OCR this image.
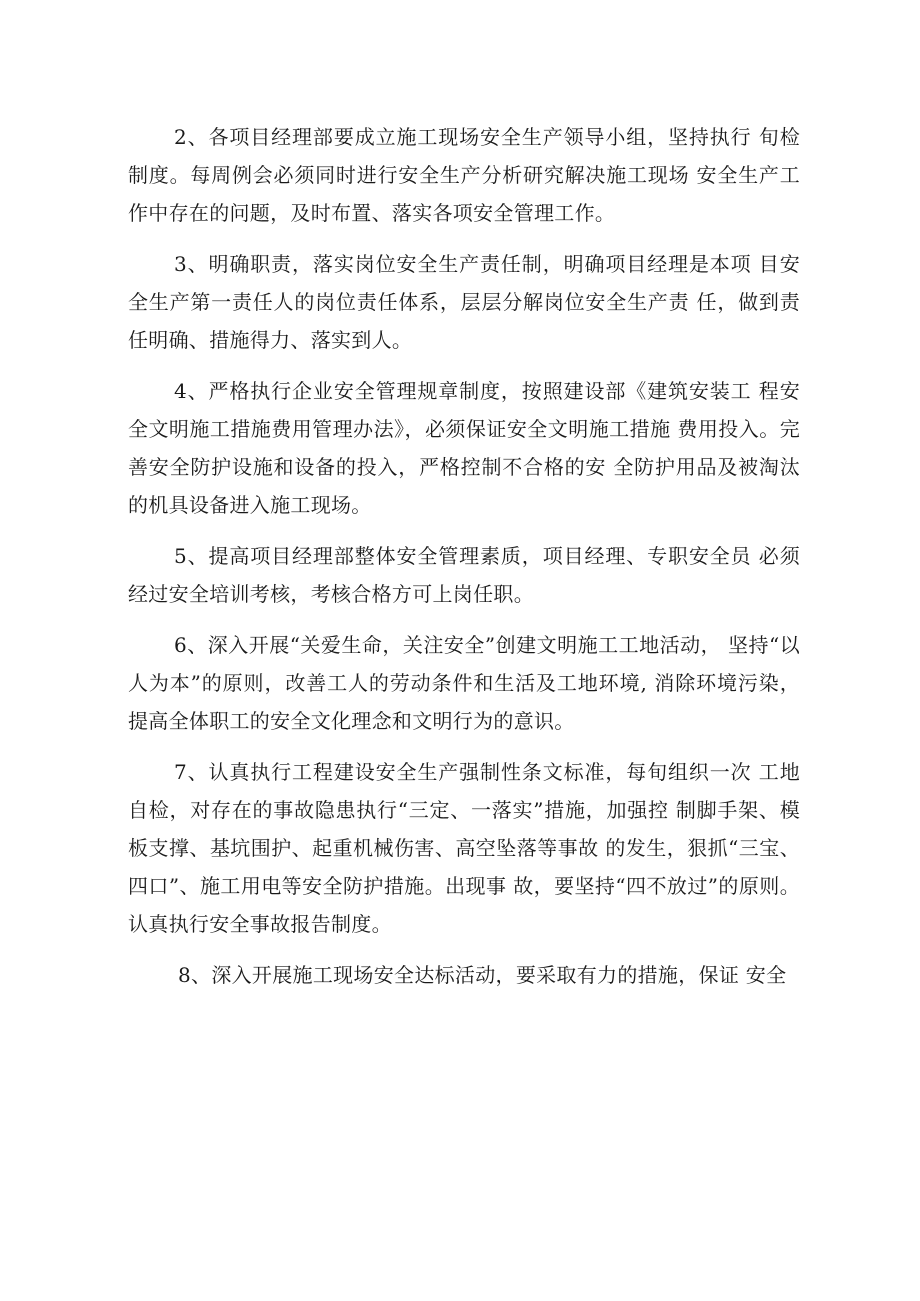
2、各项目经理部要成立施工现场安全生产领导小组，坚持执行 旬检制度。每周例会必须同时进行安全生产分析研究解决施工现场 安全生产工作中存在的问题，及时布置、落实各项安全管理工作。

3、明确职责，落实岗位安全生产责任制，明确项目经理是本项 目安全生产第一责任人的岗位责任体系，层层分解岗位安全生产责 任，做到责任明确、措施得力、落实到人。

4、严格执行企业安全管理规章制度，按照建设部《建筑安装工 程安全文明施工措施费用管理办法》，必须保证安全文明施工措施 费用投入。完善安全防护设施和设备的投入，严格控制不合格的安 全防护用品及被淘汰的机具设备进入施工现场。

5、提高项目经理部整体安全管理素质，项目经理、专职安全员 必须经过安全培训考核，考核合格方可上岗任职。

6、深入开展“关爱生命，关注安全”创建文明施工工地活动， 坚持“以人为本”的原则，改善工人的劳动条件和生活及工地环境, 消除环境污染，提高全体职工的安全文化理念和文明行为的意识。

7、认真执行工程建设安全生产强制性条文标准，每旬组织一次 工地自检，对存在的事故隐患执行“三定、一落实”措施，加强控 制脚手架、模板支撑、基坑围护、起重机械伤害、高空坠落等事故 的发生，狠抓“三宝、四口”、施工用电等安全防护措施。出现事 故，要坚持“四不放过”的原则。认真执行安全事故报告制度。

8、深入开展施工现场安全达标活动，要采取有力的措施，保证 安全
